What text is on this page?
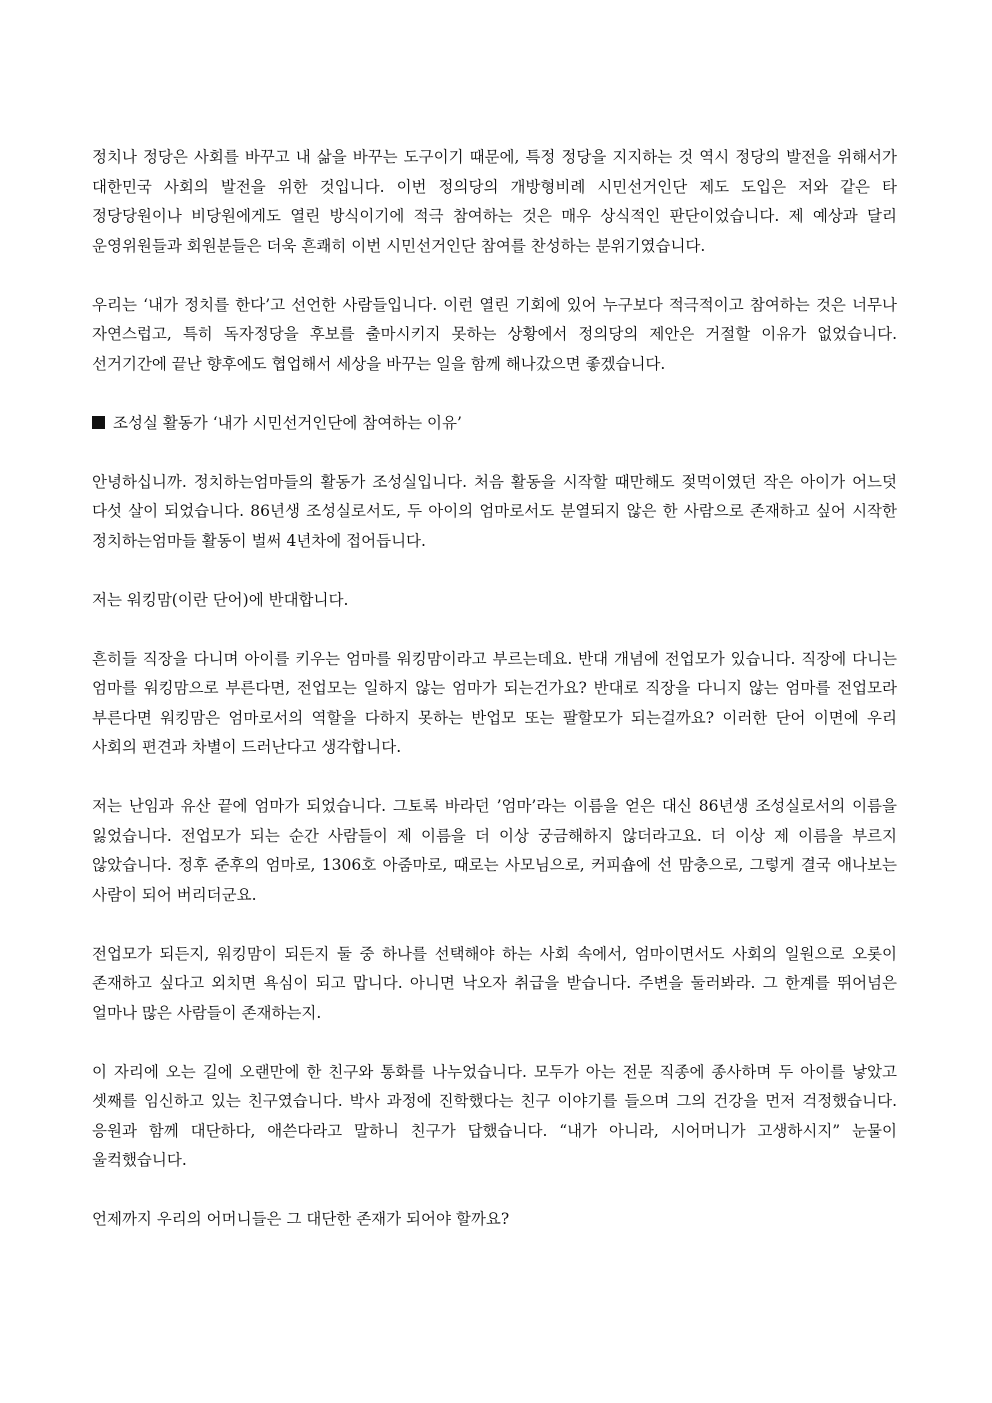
정치나 정당은 사회를 바꾸고 내 삶을 바꾸는 도구이기 때문에, 특정 정당을 지지하는 것 역시 정당의 발전을 위해서가 대한민국 사회의 발전을 위한 것입니다. 이번 정의당의 개방형비례 시민선거인단 제도 도입은 저와 같은 타 정당당원이나 비당원에게도 열린 방식이기에 적극 참여하는 것은 매우 상식적인 판단이었습니다. 제 예상과 달리 운영위원들과 회원분들은 더욱 흔쾌히 이번 시민선거인단 참여를 찬성하는 분위기였습니다.

우리는 ‘내가 정치를 한다’고 선언한 사람들입니다. 이런 열린 기회에 있어 누구보다 적극적이고 참여하는 것은 너무나 자연스럽고, 특히 독자정당을 후보를 출마시키지 못하는 상황에서 정의당의 제안은 거절할 이유가 없었습니다. 선거기간에 끝난 향후에도 협업해서 세상을 바꾸는 일을 함께 해나갔으면 좋겠습니다.

조성실 활동가 ‘내가 시민선거인단에 참여하는 이유’

안녕하십니까. 정치하는엄마들의 활동가 조성실입니다. 처음 활동을 시작할 때만해도 젖먹이였던 작은 아이가 어느덧 다섯 살이 되었습니다. 86년생 조성실로서도, 두 아이의 엄마로서도 분열되지 않은 한 사람으로 존재하고 싶어 시작한 정치하는엄마들 활동이 벌써 4년차에 접어듭니다.

저는 워킹맘(이란 단어)에 반대합니다.

흔히들 직장을 다니며 아이를 키우는 엄마를 워킹맘이라고 부르는데요. 반대 개념에 전업모가 있습니다. 직장에 다니는 엄마를 워킹맘으로 부른다면, 전업모는 일하지 않는 엄마가 되는건가요? 반대로 직장을 다니지 않는 엄마를 전업모라 부른다면 워킹맘은 엄마로서의 역할을 다하지 못하는 반업모 또는 팔할모가 되는걸까요? 이러한 단어 이면에 우리 사회의 편견과 차별이 드러난다고 생각합니다.

저는 난임과 유산 끝에 엄마가 되었습니다. 그토록 바라던 ’엄마’라는 이름을 얻은 대신 86년생 조성실로서의 이름을 잃었습니다. 전업모가 되는 순간 사람들이 제 이름을 더 이상 궁금해하지 않더라고요. 더 이상 제 이름을 부르지 않았습니다. 정후 준후의 엄마로, 1306호 아줌마로, 때로는 사모님으로, 커피숍에 선 맘충으로, 그렇게 결국 애나보는 사람이 되어 버리더군요.

전업모가 되든지, 워킹맘이 되든지 둘 중 하나를 선택해야 하는 사회 속에서, 엄마이면서도 사회의 일원으로 오롯이 존재하고 싶다고 외치면 욕심이 되고 맙니다. 아니면 낙오자 취급을 받습니다. 주변을 둘러봐라. 그 한계를 뛰어넘은 얼마나 많은 사람들이 존재하는지.

이 자리에 오는 길에 오랜만에 한 친구와 통화를 나누었습니다. 모두가 아는 전문 직종에 종사하며 두 아이를 낳았고 셋째를 임신하고 있는 친구였습니다. 박사 과정에 진학했다는 친구 이야기를 들으며 그의 건강을 먼저 걱정했습니다. 응원과 함께 대단하다, 애쓴다라고 말하니 친구가 답했습니다. “내가 아니라, 시어머니가 고생하시지” 눈물이 울컥했습니다.

언제까지 우리의 어머니들은 그 대단한 존재가 되어야 할까요?
